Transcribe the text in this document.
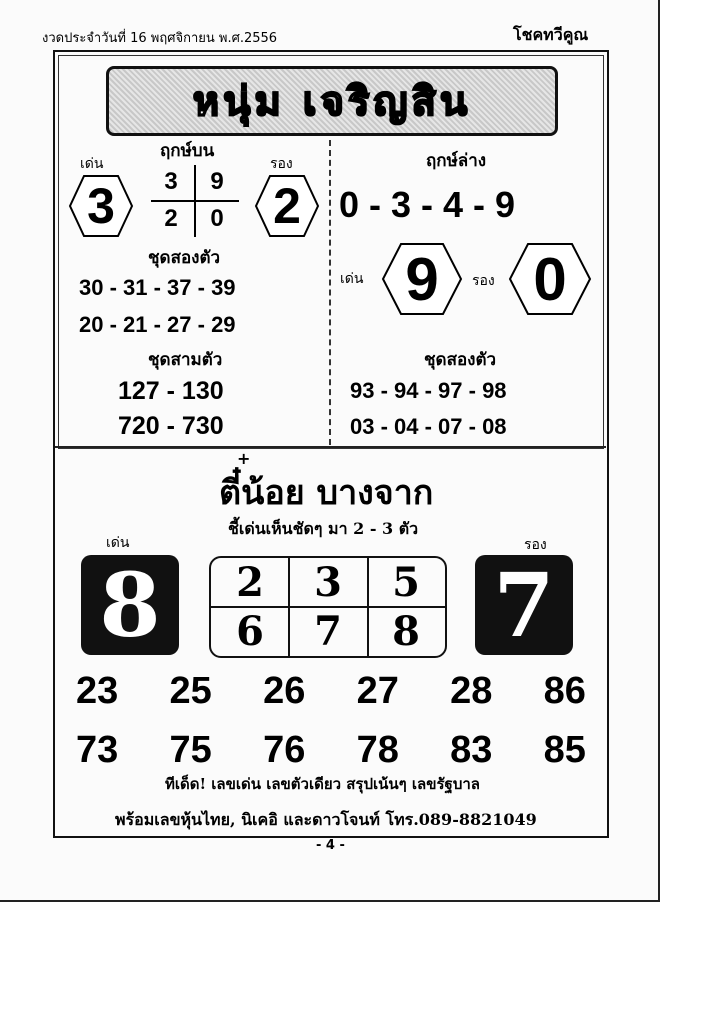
งวดประจำวันที่ 16 พฤศจิกายน พ.ศ.2556	โชคทวีคูณ
หนุ่ม เจริญสิน
ฤกษ์บน
เด่น	รอง
3	2
3	9
2	0
ชุดสองตัว
30 - 31 - 37 - 39
20 - 21 - 27 - 29
ชุดสามตัว
127 - 130
720 - 730
ฤกษ์ล่าง
0 - 3 - 4 - 9
เด่น 9	รอง 0
ชุดสองตัว
93 - 94 - 97 - 98
03 - 04 - 07 - 08
+
ตี๋น้อย บางจาก
ชี้เด่นเห็นชัดๆ มา 2 - 3 ตัว
เด่น	รอง
8	7
2	3	5
6	7	8
23 25 26 27 28 86
73 75 76 78 83 85
ทีเด็ด! เลขเด่น เลขตัวเดียว สรุปเน้นๆ เลขรัฐบาล
พร้อมเลขหุ้นไทย, นิเคอิ และดาวโจนท์ โทร.089-8821049
- 4 -
